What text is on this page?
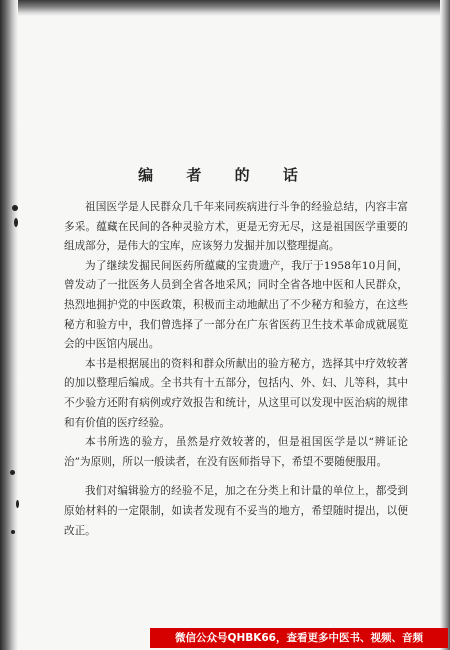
编 者 的 话

祖国医学是人民群众几千年来同疾病进行斗争的经验总结，内容丰富多采。蕴藏在民间的各种灵验方术，更是无穷无尽，这是祖国医学重要的组成部分，是伟大的宝库，应该努力发掘并加以整理提高。

为了继续发掘民间医药所蕴藏的宝贵遗产，我厅于1958年10月间，曾发动了一批医务人员到全省各地采风；同时全省各地中医和人民群众，热烈地拥护党的中医政策，积极而主动地献出了不少秘方和验方，在这些秘方和验方中，我们曾选择了一部分在广东省医药卫生技术革命成就展览会的中医馆内展出。

本书是根据展出的资料和群众所献出的验方秘方，选择其中疗效较著的加以整理后编成。全书共有十五部分，包括内、外、妇、儿等科，其中不少验方还附有病例或疗效报告和统计，从这里可以发现中医治病的规律和有价值的医疗经验。

本书所选的验方，虽然是疗效较著的，但是祖国医学是以“辨证论治”为原则，所以一般读者，在没有医师指导下，希望不要随便服用。

我们对编辑验方的经验不足，加之在分类上和计量的单位上，都受到原始材料的一定限制，如读者发现有不妥当的地方，希望随时提出，以便改正。

微信公众号QHBK66，查看更多中医书、视频、音频
